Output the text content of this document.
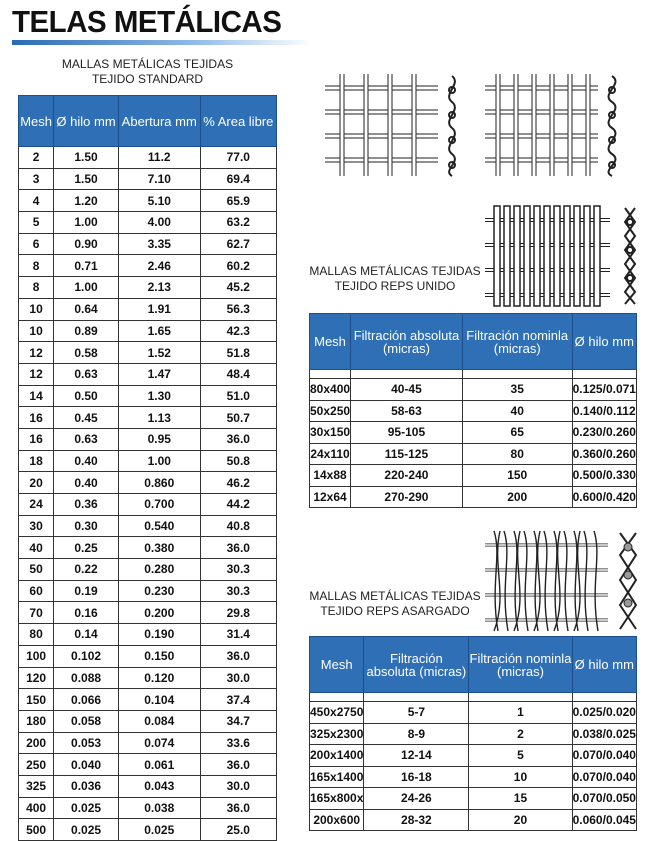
TELAS METÁLICAS
MALLAS METÁLICAS TEJIDAS
TEJIDO STANDARD
Mesh	Ø hilo mm	Abertura mm	% Area libre
2	1.50	11.2	77.0
3	1.50	7.10	69.4
4	1.20	5.10	65.9
5	1.00	4.00	63.2
6	0.90	3.35	62.7
8	0.71	2.46	60.2
8	1.00	2.13	45.2
10	0.64	1.91	56.3
10	0.89	1.65	42.3
12	0.58	1.52	51.8
12	0.63	1.47	48.4
14	0.50	1.30	51.0
16	0.45	1.13	50.7
16	0.63	0.95	36.0
18	0.40	1.00	50.8
20	0.40	0.860	46.2
24	0.36	0.700	44.2
30	0.30	0.540	40.8
40	0.25	0.380	36.0
50	0.22	0.280	30.3
60	0.19	0.230	30.3
70	0.16	0.200	29.8
80	0.14	0.190	31.4
100	0.102	0.150	36.0
120	0.088	0.120	30.0
150	0.066	0.104	37.4
180	0.058	0.084	34.7
200	0.053	0.074	33.6
250	0.040	0.061	36.0
325	0.036	0.043	30.0
400	0.025	0.038	36.0
500	0.025	0.025	25.0
MALLAS METÁLICAS TEJIDAS
TEJIDO REPS UNIDO
Mesh	Filtración absoluta (micras)	Filtración nominla (micras)	Ø hilo mm

80x400	40-45	35	0.125/0.071
50x250	58-63	40	0.140/0.112
30x150	95-105	65	0.230/0.260
24x110	115-125	80	0.360/0.260
14x88	220-240	150	0.500/0.330
12x64	270-290	200	0.600/0.420
MALLAS METÁLICAS TEJIDAS
TEJIDO REPS ASARGADO
Mesh	Filtración absoluta (micras)	Filtración nominla (micras)	Ø hilo mm

450x2750	5-7	1	0.025/0.020
325x2300	8-9	2	0.038/0.025
200x1400	12-14	5	0.070/0.040
165x1400	16-18	10	0.070/0.040
165x800x	24-26	15	0.070/0.050
200x600	28-32	20	0.060/0.045
